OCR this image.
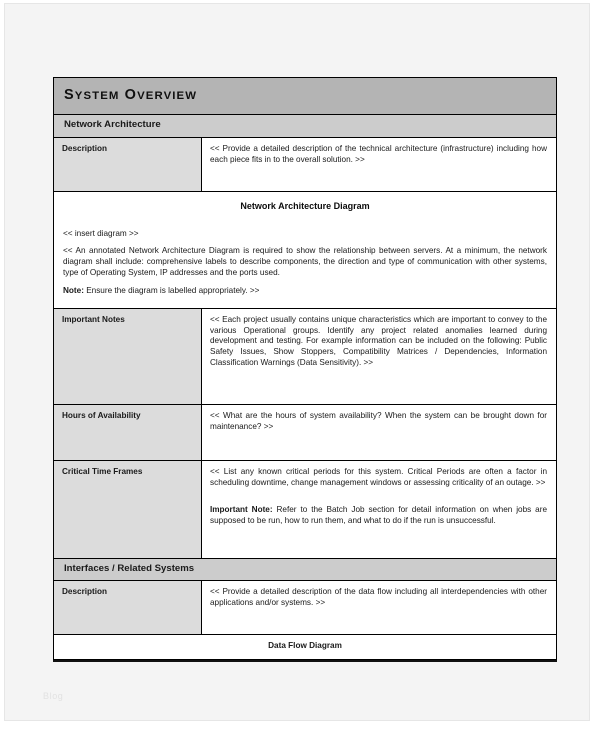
SYSTEM OVERVIEW	
Network Architecture	
Description	<< Provide a detailed description of the technical architecture (infrastructure) including how each piece fits in to the overall solution. >>

Network Architecture Diagram

<< insert diagram >>

<< An annotated Network Architecture Diagram is required to show the relationship between servers. At a minimum, the network diagram shall include: comprehensive labels to describe components, the direction and type of communication with other systems, type of Operating System, IP addresses and the ports used.

Note: Ensure the diagram is labelled appropriately. >>	

Important Notes	<< Each project usually contains unique characteristics which are important to convey to the various Operational groups. Identify any project related anomalies learned during development and testing. For example information can be included on the following: Public Safety Issues, Show Stoppers, Compatibility Matrices / Dependencies, Information Classification Warnings (Data Sensitivity). >>

Hours of Availability	<< What are the hours of system availability? When the system can be brought down for maintenance? >>

Critical Time Frames	<< List any known critical periods for this system. Critical Periods are often a factor in scheduling downtime, change management windows or assessing criticality of an outage. >>

Important Note: Refer to the Batch Job section for detail information on when jobs are supposed to be run, how to run them, and what to do if the run is unsuccessful.

Interfaces / Related Systems	
Description	<< Provide a detailed description of the data flow including all interdependencies with other applications and/or systems. >>

Data Flow Diagram	
Blog
